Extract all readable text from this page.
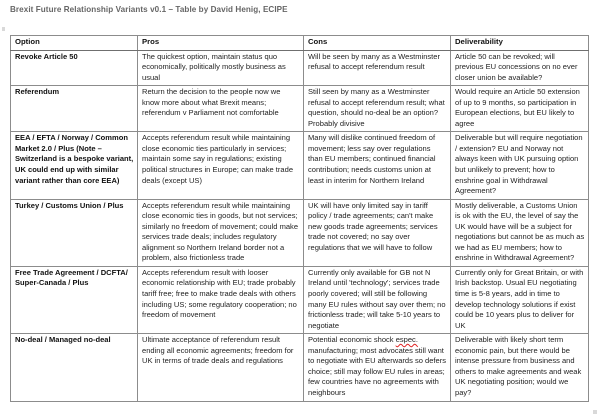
Brexit Future Relationship Variants v0.1 – Table by David Henig, ECIPE
Option	Pros	Cons	Deliverability
Revoke Article 50	The quickest option, maintain status quo economically, politically mostly business as usual	Will be seen by many as a Westminster refusal to accept referendum result	Article 50 can be revoked; will previous EU concessions on no ever closer union be available?
Referendum	Return the decision to the people now we know more about what Brexit means; referendum v Parliament not comfortable	Still seen by many as a Westminster refusal to accept referendum result; what question, should no-deal be an option? Probably divisive	Would require an Article 50 extension of up to 9 months, so participation in European elections, but EU likely to agree
EEA / EFTA / Norway / Common Market 2.0 / Plus (Note – Switzerland is a bespoke variant, UK could end up with similar variant rather than core EEA)	Accepts referendum result while maintaining close economic ties particularly in services; maintain some say in regulations; existing political structures in Europe; can make trade deals (except US)	Many will dislike continued freedom of movement; less say over regulations than EU members; continued financial contribution; needs customs union at least in interim for Northern Ireland	Deliverable but will require negotiation / extension? EU and Norway not always keen with UK pursuing option but unlikely to prevent; how to enshrine goal in Withdrawal Agreement?
Turkey / Customs Union / Plus	Accepts referendum result while maintaining close economic ties in goods, but not services; similarly no freedom of movement; could make services trade deals; includes regulatory alignment so Northern Ireland border not a problem, also frictionless trade	UK will have only limited say in tariff policy / trade agreements; can't make new goods trade agreements; services trade not covered; no say over regulations that we will have to follow	Mostly deliverable, a Customs Union is ok with the EU, the level of say the UK would have will be a subject for negotiations but cannot be as much as we had as EU members; how to enshrine in Withdrawal Agreement?
Free Trade Agreement / DCFTA/ Super-Canada / Plus	Accepts referendum result with looser economic relationship with EU; trade probably tariff free; free to make trade deals with others including US; some regulatory cooperation; no freedom of movement	Currently only available for GB not N Ireland until 'technology'; services trade poorly covered; will still be following many EU rules without say over them; no frictionless trade; will take 5-10 years to negotiate	Currently only for Great Britain, or with Irish backstop. Usual EU negotiating time is 5-8 years, add in time to develop technology solutions if exist could be 10 years plus to deliver for UK
No-deal / Managed no-deal	Ultimate acceptance of referendum result ending all economic agreements; freedom for UK in terms of trade deals and regulations	Potential economic shock espec. manufacturing; most advocates still want to negotiate with EU afterwards so defers choice; still may follow EU rules in areas; few countries have no agreements with neighbours	Deliverable with likely short term economic pain, but there would be intense pressure from business and others to make agreements and weak UK negotiating position; would we pay?
